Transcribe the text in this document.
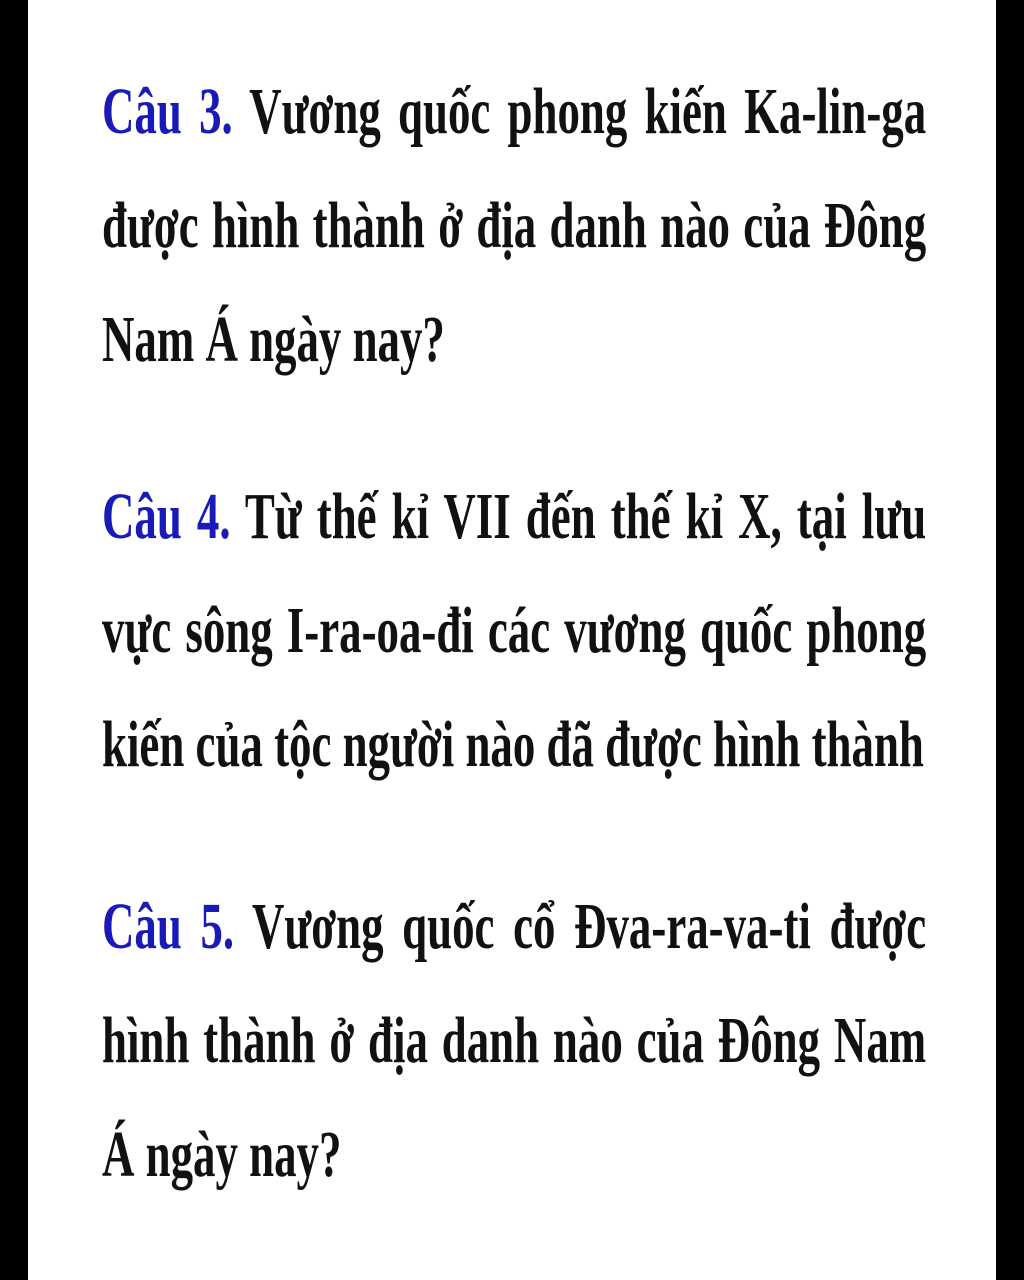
Câu 3. Vương quốc phong kiến Ka-lin-ga được hình thành ở địa danh nào của Đông Nam Á ngày nay?

Câu 4. Từ thế kỉ VII đến thế kỉ X, tại lưu vực sông I-ra-oa-đi các vương quốc phong kiến của tộc người nào đã được hình thành

Câu 5. Vương quốc cổ Đva-ra-va-ti được hình thành ở địa danh nào của Đông Nam Á ngày nay?
